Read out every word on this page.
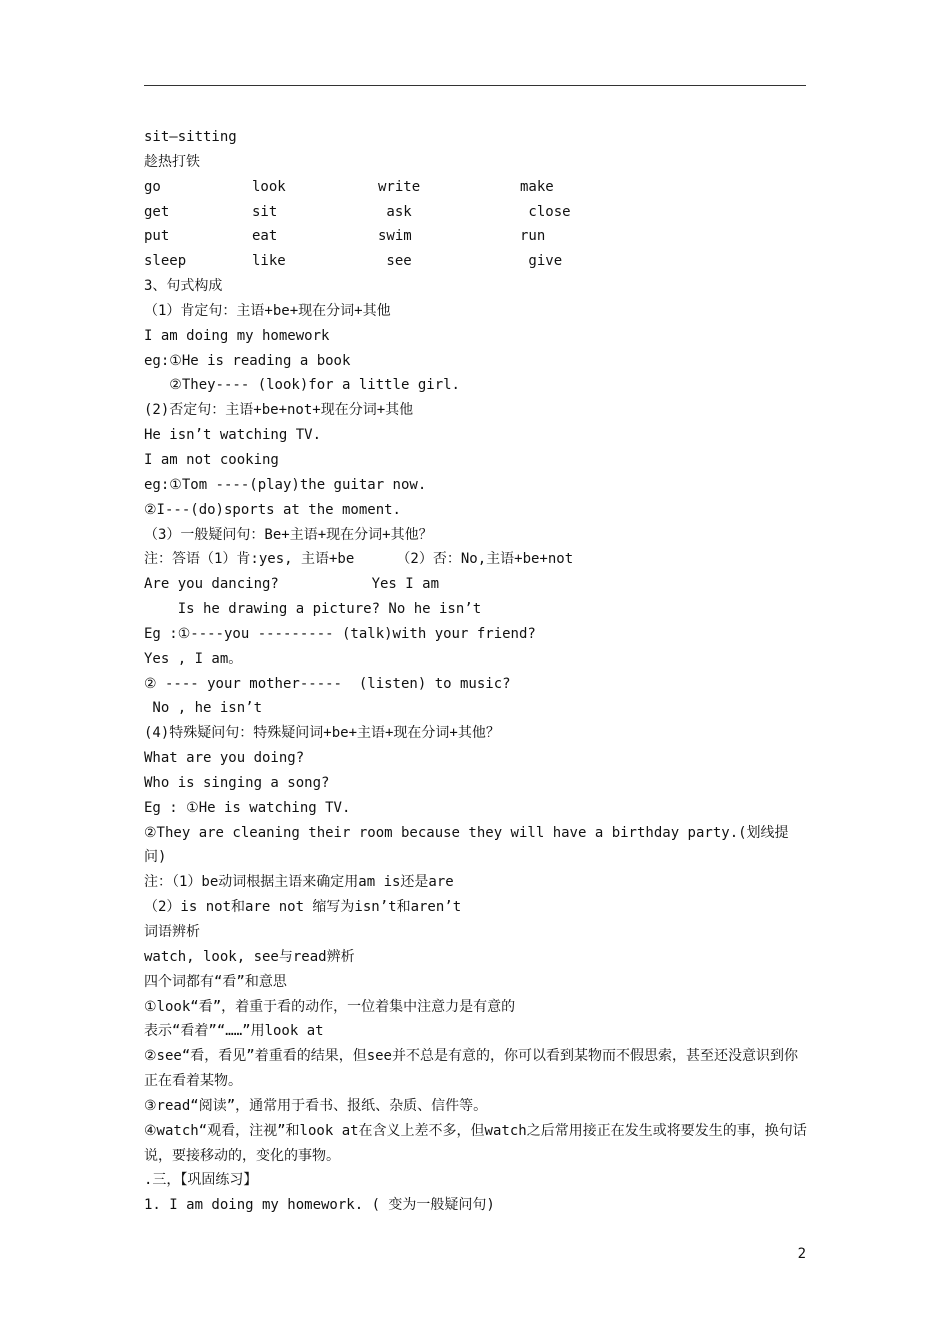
sit—sitting
趁热打铁
go	look	write	make
get	sit	ask	close
put	eat	swim	run
sleep	like	see	give
3、句式构成
（1）肯定句：主语+be+现在分词+其他
I am doing my homework
eg:①He is reading a book
②They---- (look)for a little girl.
(2)否定句：主语+be+not+现在分词+其他
He isn’t watching TV.
I am not cooking
eg:①Tom ----(play)the guitar now.
②I---(do)sports at the moment.
（3）一般疑问句：Be+主语+现在分词+其他？
注：答语（1）肯:yes, 主语+be     （2）否：No,主语+be+not
Are you dancing?           Yes I am
Is he drawing a picture? No he isn’t
Eg :①----you --------- (talk)with your friend?
Yes , I am。
② ---- your mother-----  (listen) to music?
No , he isn’t
(4)特殊疑问句：特殊疑问词+be+主语+现在分词+其他？
What are you doing?
Who is singing a song?
Eg : ①He is watching TV.
②They are cleaning their room because they will have a birthday party.(划线提问)
注：（1）be动词根据主语来确定用am is还是are
（2）is not和are not 缩写为isn’t和aren’t
词语辨析
watch, look, see与read辨析
四个词都有“看”和意思
①look“看”，着重于看的动作，一位着集中注意力是有意的
表示“看着”“……”用look at
②see“看，看见”着重看的结果，但see并不总是有意的，你可以看到某物而不假思索，甚至还没意识到你正在看着某物。
③read“阅读”，通常用于看书、报纸、杂质、信件等。
④watch“观看，注视”和look at在含义上差不多，但watch之后常用接正在发生或将要发生的事，换句话说，要接移动的，变化的事物。
.三，【巩固练习】
1. I am doing my homework. ( 变为一般疑问句)
2
